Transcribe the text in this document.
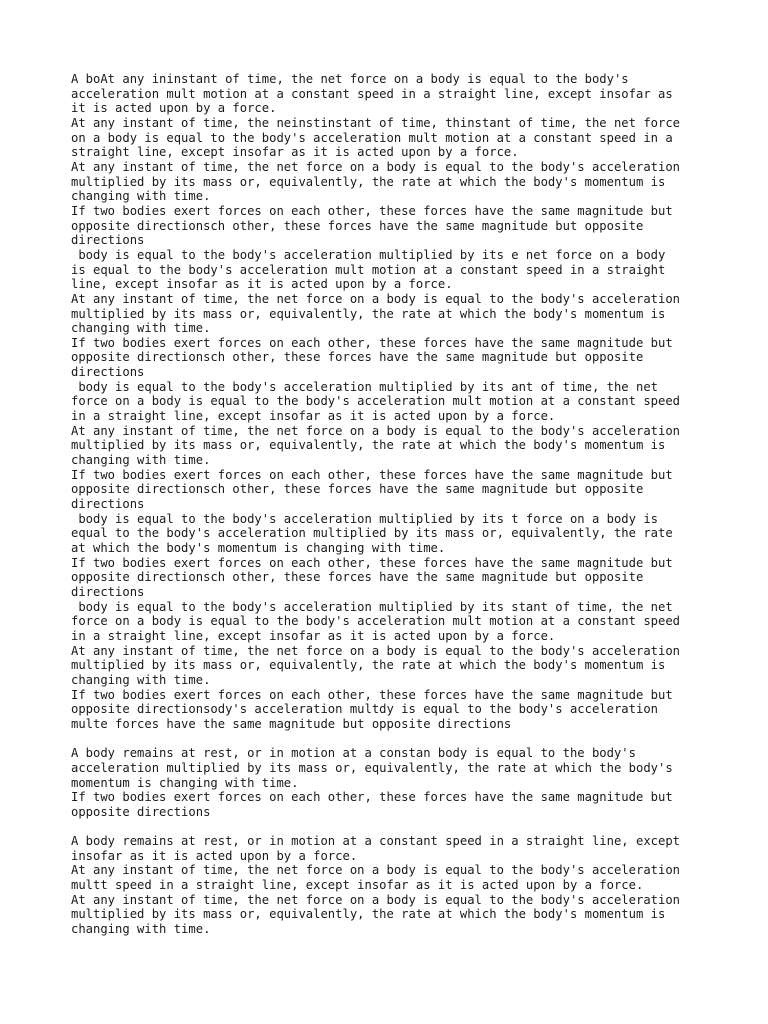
A boAt any ininstant of time, the net force on a body is equal to the body's
acceleration mult motion at a constant speed in a straight line, except insofar as
it is acted upon by a force.
At any instant of time, the neinstinstant of time, thinstant of time, the net force
on a body is equal to the body's acceleration mult motion at a constant speed in a
straight line, except insofar as it is acted upon by a force.
At any instant of time, the net force on a body is equal to the body's acceleration
multiplied by its mass or, equivalently, the rate at which the body's momentum is
changing with time.
If two bodies exert forces on each other, these forces have the same magnitude but
opposite directionsch other, these forces have the same magnitude but opposite
directions
body is equal to the body's acceleration multiplied by its e net force on a body
is equal to the body's acceleration mult motion at a constant speed in a straight
line, except insofar as it is acted upon by a force.
At any instant of time, the net force on a body is equal to the body's acceleration
multiplied by its mass or, equivalently, the rate at which the body's momentum is
changing with time.
If two bodies exert forces on each other, these forces have the same magnitude but
opposite directionsch other, these forces have the same magnitude but opposite
directions
body is equal to the body's acceleration multiplied by its ant of time, the net
force on a body is equal to the body's acceleration mult motion at a constant speed
in a straight line, except insofar as it is acted upon by a force.
At any instant of time, the net force on a body is equal to the body's acceleration
multiplied by its mass or, equivalently, the rate at which the body's momentum is
changing with time.
If two bodies exert forces on each other, these forces have the same magnitude but
opposite directionsch other, these forces have the same magnitude but opposite
directions
body is equal to the body's acceleration multiplied by its t force on a body is
equal to the body's acceleration multiplied by its mass or, equivalently, the rate
at which the body's momentum is changing with time.
If two bodies exert forces on each other, these forces have the same magnitude but
opposite directionsch other, these forces have the same magnitude but opposite
directions
body is equal to the body's acceleration multiplied by its stant of time, the net
force on a body is equal to the body's acceleration mult motion at a constant speed
in a straight line, except insofar as it is acted upon by a force.
At any instant of time, the net force on a body is equal to the body's acceleration
multiplied by its mass or, equivalently, the rate at which the body's momentum is
changing with time.
If two bodies exert forces on each other, these forces have the same magnitude but
opposite directionsody's acceleration multdy is equal to the body's acceleration
multe forces have the same magnitude but opposite directions

A body remains at rest, or in motion at a constan body is equal to the body's
acceleration multiplied by its mass or, equivalently, the rate at which the body's
momentum is changing with time.
If two bodies exert forces on each other, these forces have the same magnitude but
opposite directions

A body remains at rest, or in motion at a constant speed in a straight line, except
insofar as it is acted upon by a force.
At any instant of time, the net force on a body is equal to the body's acceleration
multt speed in a straight line, except insofar as it is acted upon by a force.
At any instant of time, the net force on a body is equal to the body's acceleration
multiplied by its mass or, equivalently, the rate at which the body's momentum is
changing with time.
